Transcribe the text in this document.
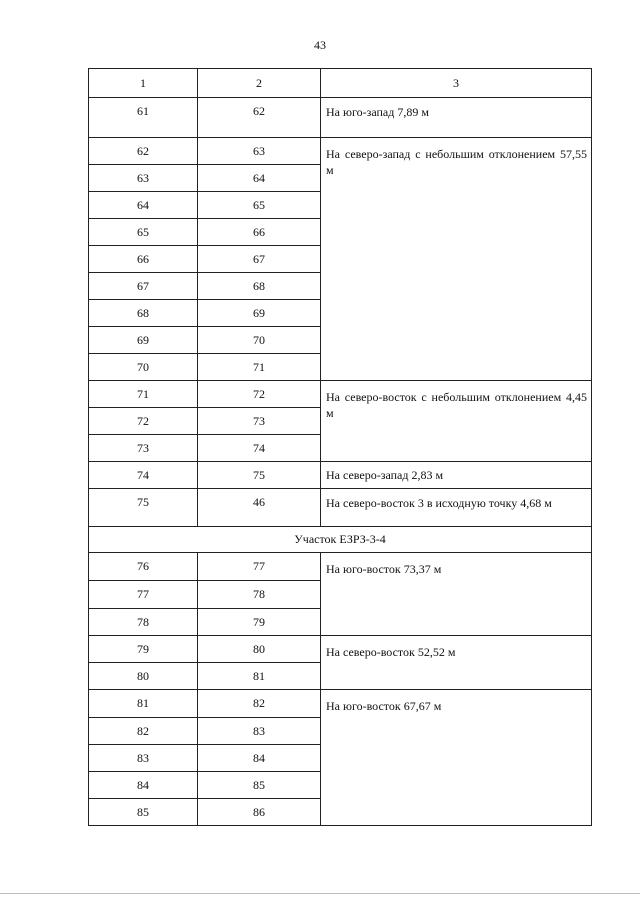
43
1	2	3
61	62	На юго-запад 7,89 м
62	63	На северо-запад с небольшим отклонением 57,55 м
63	64	
64	65	
65	66	
66	67	
67	68	
68	69	
69	70	
70	71	
71	72	На северо-восток с небольшим отклонением 4,45 м
72	73	
73	74	
74	75	На северо-запад 2,83 м
75	46	На северо-восток 3 в исходную точку 4,68 м
Участок ЕЗРЗ-3-4		
76	77	На юго-восток 73,37 м
77	78	
78	79	
79	80	На северо-восток 52,52 м
80	81	
81	82	На юго-восток 67,67 м
82	83	
83	84	
84	85	
85	86	
